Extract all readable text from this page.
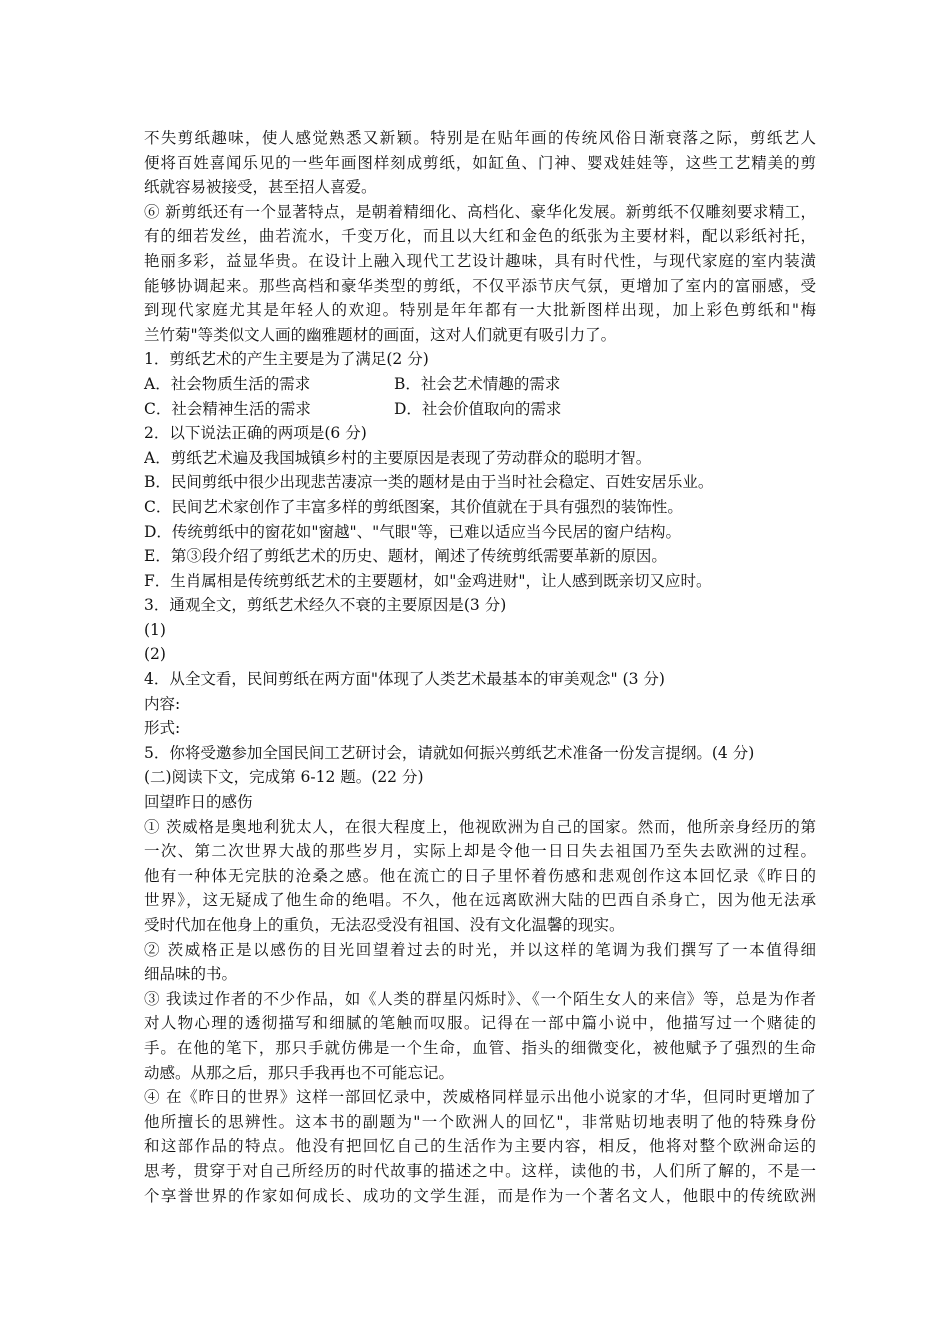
不失剪纸趣味，使人感觉熟悉又新颖。特别是在贴年画的传统风俗日渐衰落之际，剪纸艺人
便将百姓喜闻乐见的一些年画图样刻成剪纸，如缸鱼、门神、婴戏娃娃等，这些工艺精美的剪
纸就容易被接受，甚至招人喜爱。
⑥ 新剪纸还有一个显著特点，是朝着精细化、高档化、豪华化发展。新剪纸不仅雕刻要求精工，
有的细若发丝，曲若流水，千变万化，而且以大红和金色的纸张为主要材料，配以彩纸衬托，
艳丽多彩，益显华贵。在设计上融入现代工艺设计趣味，具有时代性，与现代家庭的室内装潢
能够协调起来。那些高档和豪华类型的剪纸，不仅平添节庆气氛，更增加了室内的富丽感，受
到现代家庭尤其是年轻人的欢迎。特别是年年都有一大批新图样出现，加上彩色剪纸和"梅
兰竹菊"等类似文人画的幽雅题材的画面，这对人们就更有吸引力了。
1．剪纸艺术的产生主要是为了满足(2 分)
A．社会物质生活的需求	B．社会艺术情趣的需求
C．社会精神生活的需求	D．社会价值取向的需求
2．以下说法正确的两项是(6 分)
A．剪纸艺术遍及我国城镇乡村的主要原因是表现了劳动群众的聪明才智。
B．民间剪纸中很少出现悲苦凄凉一类的题材是由于当时社会稳定、百姓安居乐业。
C．民间艺术家创作了丰富多样的剪纸图案，其价值就在于具有强烈的装饰性。
D．传统剪纸中的窗花如"窗越"、"气眼"等，已难以适应当今民居的窗户结构。
E．第③段介绍了剪纸艺术的历史、题材，阐述了传统剪纸需要革新的原因。
F．生肖属相是传统剪纸艺术的主要题材，如"金鸡进财"，让人感到既亲切又应时。
3．通观全文，剪纸艺术经久不衰的主要原因是(3 分)
(1)
(2)
4．从全文看，民间剪纸在两方面"体现了人类艺术最基本的审美观念" (3 分)
内容:
形式:
5．你将受邀参加全国民间工艺研讨会，请就如何振兴剪纸艺术准备一份发言提纲。(4 分)
(二)阅读下文，完成第 6-12 题。(22 分)
回望昨日的感伤
① 茨威格是奥地利犹太人，在很大程度上，他视欧洲为自己的国家。然而，他所亲身经历的第
一次、第二次世界大战的那些岁月，实际上却是令他一日日失去祖国乃至失去欧洲的过程。
他有一种体无完肤的沧桑之感。他在流亡的日子里怀着伤感和悲观创作这本回忆录《昨日的
世界》，这无疑成了他生命的绝唱。不久，他在远离欧洲大陆的巴西自杀身亡，因为他无法承
受时代加在他身上的重负，无法忍受没有祖国、没有文化温馨的现实。
② 茨威格正是以感伤的目光回望着过去的时光，并以这样的笔调为我们撰写了一本值得细
细品味的书。
③ 我读过作者的不少作品，如《人类的群星闪烁时》、《一个陌生女人的来信》等，总是为作者
对人物心理的透彻描写和细腻的笔触而叹服。记得在一部中篇小说中，他描写过一个赌徒的
手。在他的笔下，那只手就仿佛是一个生命，血管、指头的细微变化，被他赋予了强烈的生命
动感。从那之后，那只手我再也不可能忘记。
④ 在《昨日的世界》这样一部回忆录中，茨威格同样显示出他小说家的才华，但同时更增加了
他所擅长的思辨性。这本书的副题为"一个欧洲人的回忆"，非常贴切地表明了他的特殊身份
和这部作品的特点。他没有把回忆自己的生活作为主要内容，相反，他将对整个欧洲命运的
思考，贯穿于对自己所经历的时代故事的描述之中。这样，读他的书，人们所了解的，不是一
个享誉世界的作家如何成长、成功的文学生涯，而是作为一个著名文人，他眼中的传统欧洲
